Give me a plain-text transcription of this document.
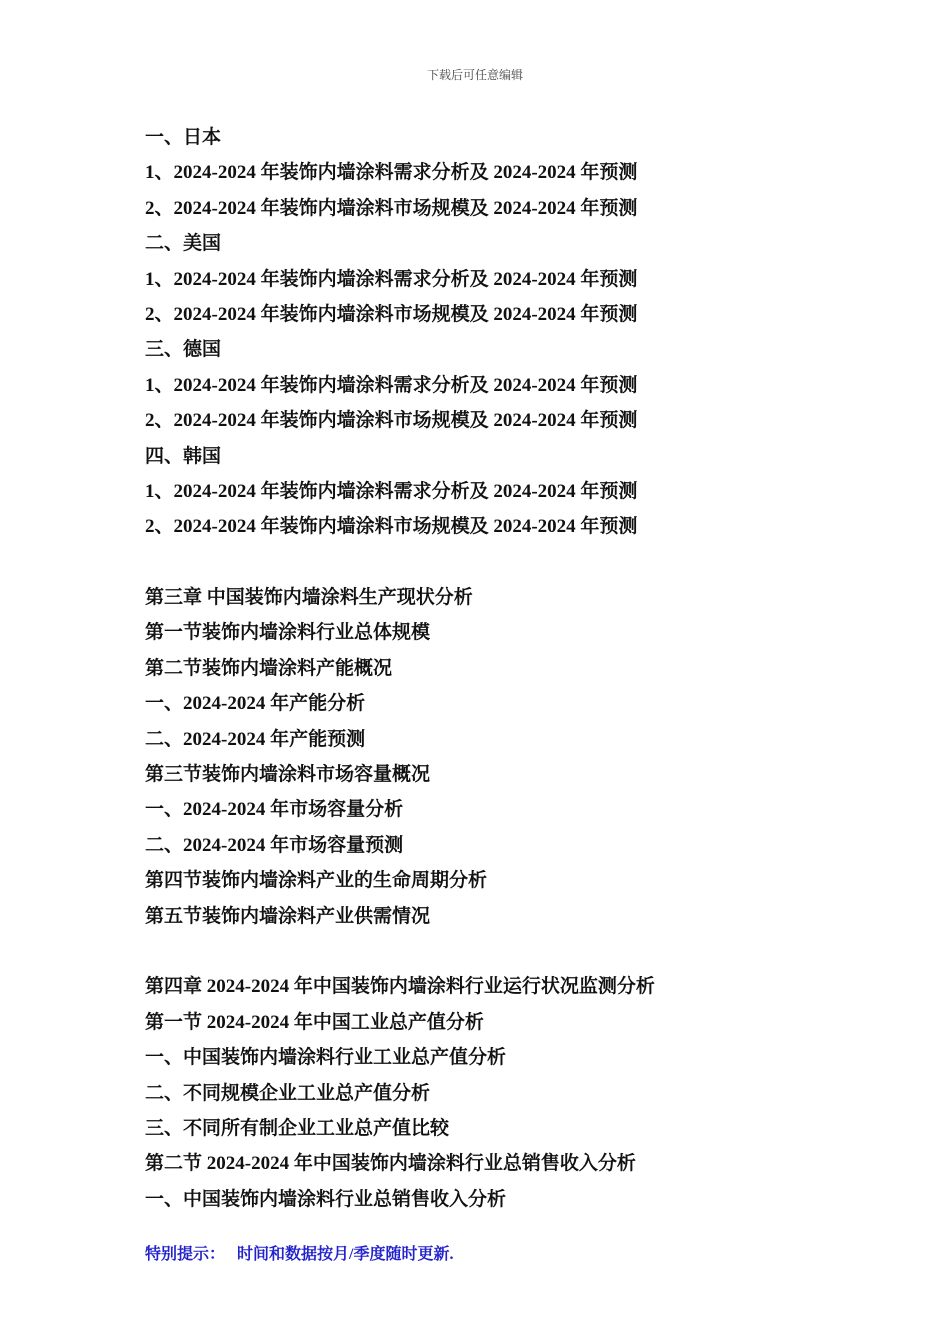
下载后可任意编辑
一、日本
1、2024-2024 年装饰内墙涂料需求分析及 2024-2024 年预测
2、2024-2024 年装饰内墙涂料市场规模及 2024-2024 年预测
二、美国
1、2024-2024 年装饰内墙涂料需求分析及 2024-2024 年预测
2、2024-2024 年装饰内墙涂料市场规模及 2024-2024 年预测
三、德国
1、2024-2024 年装饰内墙涂料需求分析及 2024-2024 年预测
2、2024-2024 年装饰内墙涂料市场规模及 2024-2024 年预测
四、韩国
1、2024-2024 年装饰内墙涂料需求分析及 2024-2024 年预测
2、2024-2024 年装饰内墙涂料市场规模及 2024-2024 年预测
第三章 中国装饰内墙涂料生产现状分析
第一节装饰内墙涂料行业总体规模
第二节装饰内墙涂料产能概况
一、2024-2024 年产能分析
二、2024-2024 年产能预测
第三节装饰内墙涂料市场容量概况
一、2024-2024 年市场容量分析
二、2024-2024 年市场容量预测
第四节装饰内墙涂料产业的生命周期分析
第五节装饰内墙涂料产业供需情况
第四章 2024-2024 年中国装饰内墙涂料行业运行状况监测分析
第一节 2024-2024 年中国工业总产值分析
一、中国装饰内墙涂料行业工业总产值分析
二、不同规模企业工业总产值分析
三、不同所有制企业工业总产值比较
第二节 2024-2024 年中国装饰内墙涂料行业总销售收入分析
一、中国装饰内墙涂料行业总销售收入分析
特别提示： 时间和数据按月/季度随时更新.
